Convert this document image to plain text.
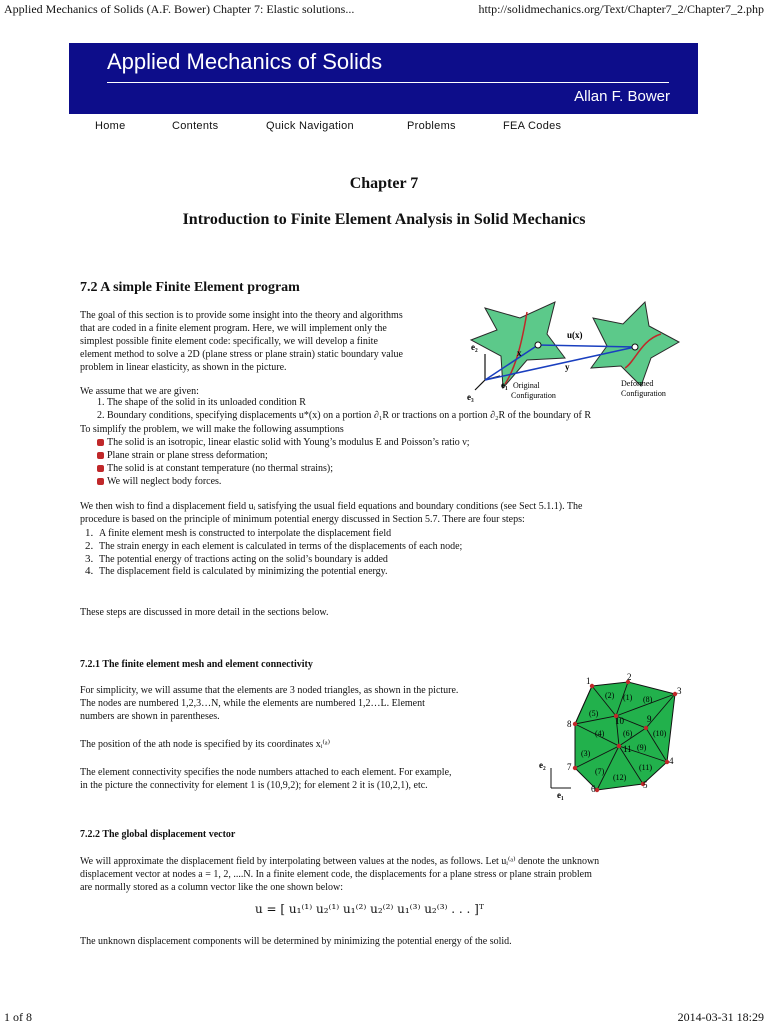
Applied Mechanics of Solids (A.F. Bower) Chapter 7: Elastic solutions...	http://solidmechanics.org/Text/Chapter7_2/Chapter7_2.php
Applied Mechanics of Solids
Allan F. Bower
Home	Contents	Quick Navigation	Problems	FEA Codes
Chapter 7
Introduction to Finite Element Analysis in Solid Mechanics
7.2 A simple Finite Element program
The goal of this section is to provide some insight into the theory and algorithms
that are coded in a finite element program. Here, we will implement only the
simplest possible finite element code: specifically, we will develop a finite
element method to solve a 2D (plane stress or plane strain) static boundary value
problem in linear elasticity, as shown in the picture.
e₂
e₁
e₃
x
y
u(x)
Original
Configuration
Deformed
Configuration
We assume that we are given:
1. The shape of the solid in its unloaded condition R
2. Boundary conditions, specifying displacements u*(x) on a portion ∂₁R or tractions on a portion ∂₂R of the boundary of R
To simplify the problem, we will make the following assumptions
The solid is an isotropic, linear elastic solid with Young’s modulus E and Poisson’s ratio ν;
Plane strain or plane stress deformation;
The solid is at constant temperature (no thermal strains);
We will neglect body forces.
We then wish to find a displacement field uᵢ satisfying the usual field equations and boundary conditions (see Sect 5.1.1). The
procedure is based on the principle of minimum potential energy discussed in Section 5.7. There are four steps:
1. A finite element mesh is constructed to interpolate the displacement field
2. The strain energy in each element is calculated in terms of the displacements of each node;
3. The potential energy of tractions acting on the solid’s boundary is added
4. The displacement field is calculated by minimizing the potential energy.
These steps are discussed in more detail in the sections below.
7.2.1 The finite element mesh and element connectivity
For simplicity, we will assume that the elements are 3 noded triangles, as shown in the picture.
The nodes are numbered 1,2,3…N, while the elements are numbered 1,2…L. Element
numbers are shown in parentheses.
The position of the ath node is specified by its coordinates xᵢ⁽ᵃ⁾
The element connectivity specifies the node numbers attached to each element. For example,
in the picture the connectivity for element 1 is (10,9,2); for element 2 it is (10,2,1), etc.
1	2
3
4
5
6
7
8	9
10
11
(1)
(2)
(3)
(4)
(5)
(6)
(7)
(8)
(9)
(10)
(11)
(12)
e₂
e₁
7.2.2 The global displacement vector
We will approximate the displacement field by interpolating between values at the nodes, as follows. Let uᵢ⁽ᵃ⁾ denote the unknown
displacement vector at nodes a = 1, 2, ....N. In a finite element code, the displacements for a plane stress or plane strain problem
are normally stored as a column vector like the one shown below:
u = [ u₁⁽¹⁾ u₂⁽¹⁾ u₁⁽²⁾ u₂⁽²⁾ u₁⁽³⁾ u₂⁽³⁾ . . . ]ᵀ
The unknown displacement components will be determined by minimizing the potential energy of the solid.
1 of 8	2014-03-31 18:29
